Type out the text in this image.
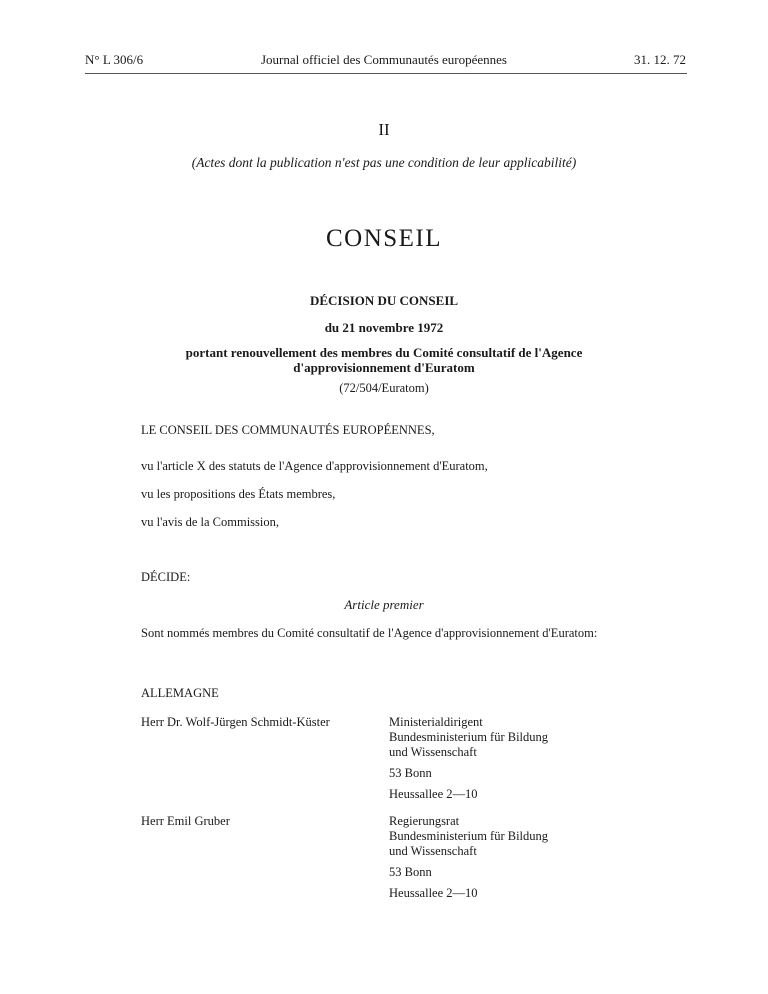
N° L 306/6	Journal officiel des Communautés européennes	31. 12. 72
II
(Actes dont la publication n'est pas une condition de leur applicabilité)
CONSEIL
DÉCISION DU CONSEIL
du 21 novembre 1972
portant renouvellement des membres du Comité consultatif de l'Agence d'approvisionnement d'Euratom
(72/504/Euratom)
LE CONSEIL DES COMMUNAUTÉS EUROPÉENNES,
vu l'article X des statuts de l'Agence d'approvisionnement d'Euratom,
vu les propositions des États membres,
vu l'avis de la Commission,
DÉCIDE:
Article premier
Sont nommés membres du Comité consultatif de l'Agence d'approvisionnement d'Euratom:
ALLEMAGNE
Herr Dr. Wolf-Jürgen Schmidt-Küster	Ministerialdirigent
Bundesministerium für Bildung
und Wissenschaft
53 Bonn
Heussallee 2—10
Herr Emil Gruber	Regierungsrat
Bundesministerium für Bildung
und Wissenschaft
53 Bonn
Heussallee 2—10
